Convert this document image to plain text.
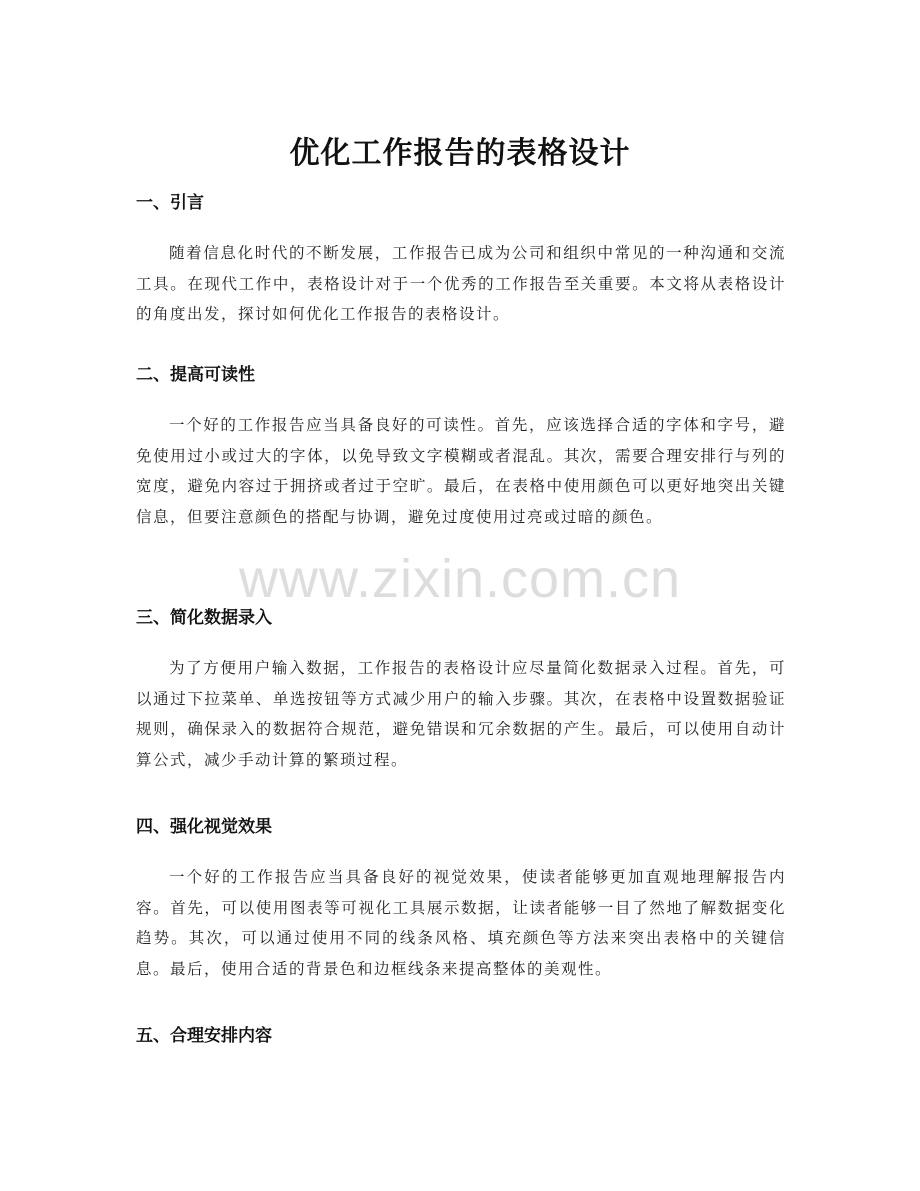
优化工作报告的表格设计
一、引言

随着信息化时代的不断发展，工作报告已成为公司和组织中常见的一种沟通和交流工具。在现代工作中，表格设计对于一个优秀的工作报告至关重要。本文将从表格设计的角度出发，探讨如何优化工作报告的表格设计。

二、提高可读性

一个好的工作报告应当具备良好的可读性。首先，应该选择合适的字体和字号，避免使用过小或过大的字体，以免导致文字模糊或者混乱。其次，需要合理安排行与列的宽度，避免内容过于拥挤或者过于空旷。最后，在表格中使用颜色可以更好地突出关键信息，但要注意颜色的搭配与协调，避免过度使用过亮或过暗的颜色。

三、简化数据录入

为了方便用户输入数据，工作报告的表格设计应尽量简化数据录入过程。首先，可以通过下拉菜单、单选按钮等方式减少用户的输入步骤。其次，在表格中设置数据验证规则，确保录入的数据符合规范，避免错误和冗余数据的产生。最后，可以使用自动计算公式，减少手动计算的繁琐过程。

四、强化视觉效果

一个好的工作报告应当具备良好的视觉效果，使读者能够更加直观地理解报告内容。首先，可以使用图表等可视化工具展示数据，让读者能够一目了然地了解数据变化趋势。其次，可以通过使用不同的线条风格、填充颜色等方法来突出表格中的关键信息。最后，使用合适的背景色和边框线条来提高整体的美观性。

五、合理安排内容
www.zixin.com.cn
